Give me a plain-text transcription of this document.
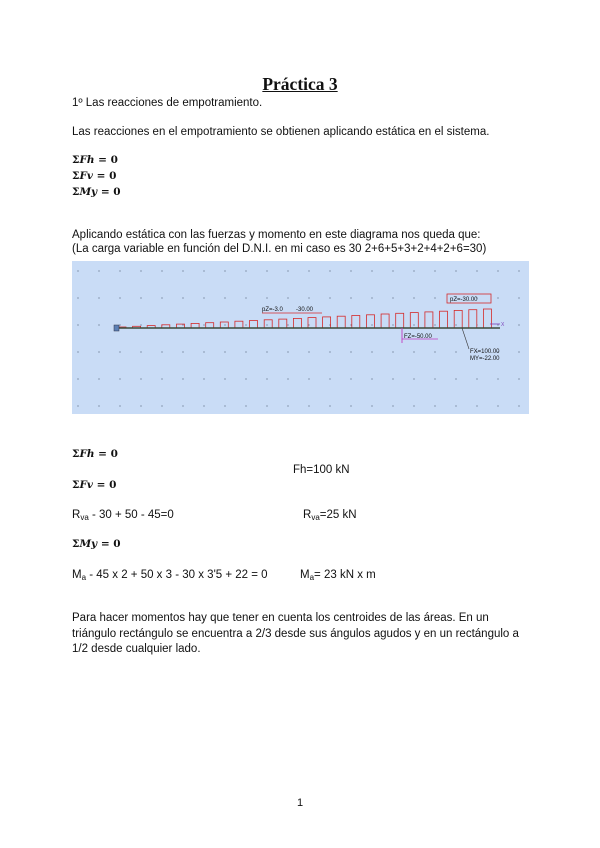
Práctica 3
1º Las reacciones de empotramiento.
Las reacciones en el empotramiento se obtienen aplicando estática en el sistema.
ΣFh = 0
ΣFv = 0
ΣMy = 0
Aplicando estática con las fuerzas y momento en este diagrama nos queda que:
(La carga variable en función del D.N.I. en mi caso es 30 2+6+5+3+2+4+2+6=30)
pZ=-3.0 -30.00
pZ=-30.00
X
FZ=-50.00
FX=100.00
MY=-22.00
ΣFh = 0
Fh=100 kN
ΣFv = 0
$R_{va} - 30 + 50 - 45=0$	$R_{va}=25$ kN
ΣMy = 0
$M_a - 45$ x 2 + 50 x 3 - 30 x 3'5 + 22 = 0	$M_a= 23$ kN x m
Para hacer momentos hay que tener en cuenta los centroides de las áreas. En un triángulo rectángulo se encuentra a 2/3 desde sus ángulos agudos y en un rectángulo a 1/2 desde cualquier lado.
1
